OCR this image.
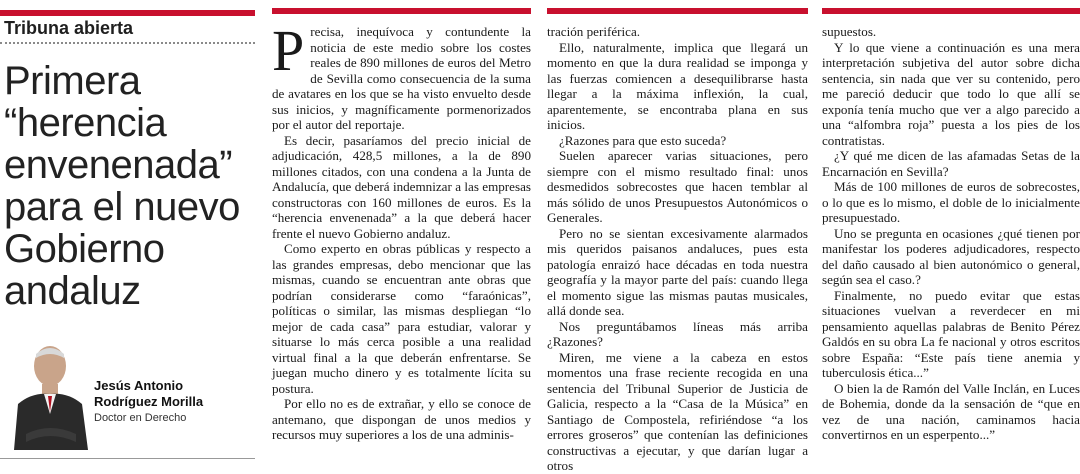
Tribuna abierta
Primera
“herencia
envenenada”
para el nuevo
Gobierno
andaluz
Jesús Antonio
Rodríguez Morilla
Doctor en Derecho

Precisa, inequívoca y contundente la noticia de este medio sobre los costes reales de 890 millones de euros del Metro de Sevilla como consecuencia de la suma de avatares en los que se ha visto envuelto desde sus inicios, y magníficamente pormenorizados por el autor del reportaje.

Es decir, pasaríamos del precio inicial de adjudicación, 428,5 millones, a la de 890 millones citados, con una condena a la Junta de Andalucía, que deberá indemnizar a las empresas constructoras con 160 millones de euros. Es la “herencia envenenada” a la que deberá hacer frente el nuevo Gobierno andaluz.

Como experto en obras públicas y respecto a las grandes empresas, debo mencionar que las mismas, cuando se encuentran ante obras que podrían considerarse como “faraónicas”, políticas o similar, las mismas despliegan “lo mejor de cada casa” para estudiar, valorar y situarse lo más cerca posible a una realidad virtual final a la que deberán enfrentarse. Se juegan mucho dinero y es totalmente lícita su postura.

Por ello no es de extrañar, y ello se conoce de antemano, que dispongan de unos medios y recursos muy superiores a los de una adminis-

tración periférica.

Ello, naturalmente, implica que llegará un momento en que la dura realidad se imponga y las fuerzas comiencen a desequilibrarse hasta llegar a la máxima inflexión, la cual, aparentemente, se encontraba plana en sus inicios.

¿Razones para que esto suceda?

Suelen aparecer varias situaciones, pero siempre con el mismo resultado final: unos desmedidos sobrecostes que hacen temblar al más sólido de unos Presupuestos Autonómicos o Generales.

Pero no se sientan excesivamente alarmados mis queridos paisanos andaluces, pues esta patología enraizó hace décadas en toda nuestra geografía y la mayor parte del país: cuando llega el momento sigue las mismas pautas musicales, allá donde sea.

Nos preguntábamos líneas más arriba ¿Razones?

Miren, me viene a la cabeza en estos momentos una frase reciente recogida en una sentencia del Tribunal Superior de Justicia de Galicia, respecto a la “Casa de la Música” en Santiago de Compostela, refiriéndose “a los errores groseros” que contenían las definiciones constructivas a ejecutar, y que darían lugar a otros

supuestos.

Y lo que viene a continuación es una mera interpretación subjetiva del autor sobre dicha sentencia, sin nada que ver su contenido, pero me pareció deducir que todo lo que allí se exponía tenía mucho que ver a algo parecido a una “alfombra roja” puesta a los pies de los contratistas.

¿Y qué me dicen de las afamadas Setas de la Encarnación en Sevilla?

Más de 100 millones de euros de sobrecostes, o lo que es lo mismo, el doble de lo inicialmente presupuestado.

Uno se pregunta en ocasiones ¿qué tienen por manifestar los poderes adjudicadores, respecto del daño causado al bien autonómico o general, según sea el caso.?

Finalmente, no puedo evitar que estas situaciones vuelvan a reverdecer en mi pensamiento aquellas palabras de Benito Pérez Galdós en su obra La fe nacional y otros escritos sobre España: “Este país tiene anemia y tuberculosis ética...”

O bien la de Ramón del Valle Inclán, en Luces de Bohemia, donde da la sensación de “que en vez de una nación, caminamos hacia convertirnos en un esperpento...”
